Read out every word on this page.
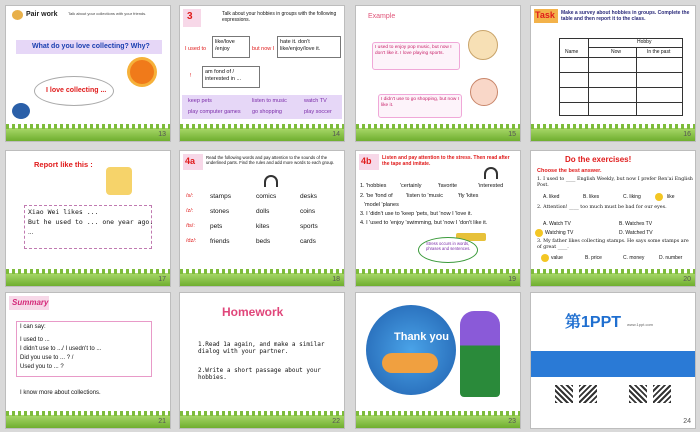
Pair work	Talk about your collections with your friends.
What do you love collecting? Why?
I love collecting ...
13
3	Talk about your hobbies in groups with the following expressions.
I used to
like/love /enjoy	but now I
hate it. don't like/enjoy/love it.
!
am fond of / interested in ...
keep pets	listen to music	watch TV
play computer games go shopping	play soccer
14
Example
I used to enjoy pop music, but now I don't like it. I love playing sports.
I didn't use to go shopping, but now I like it.
15
Task Make a survey about hobbies in groups. Complete the table and then report it to the class.
Name
Hobby
Now	In the past
16
Report like this :
Xiao Wei likes ...
But he used to ... one year ago.
...
17
4a	Read the following words and pay attention to the sounds of the underlined parts. Find the rules and add more words to each group.
/s/:	stamps	comics	desks
/z/:	stones	dolls	coins
/ts/: pets	kites	sports
/dz/: friends	beds	cards
18
4b Listen and pay attention to the stress. Then read after the tape and imitate.
1. 'hobbies 'certainly	'favorite	'interested
2. 'be 'fond of 'listen to 'music	'fly 'kites
'model 'planes
3. I 'didn't use to 'keep 'pets, but 'now I 'love it.
4. I 'used to 'enjoy 'swimming, but 'now I 'don't like it.
Stress occurs in words, phrases and sentences.
19
Do the exercises!
Choose the best answer.
1. I used to ____ English Weekly, but now I prefer Ren'ai English Post.
A. liked	B. likes	C. liking	like
2. Attention! ____ too much must be bad for our eyes.
A. Watch TV	B. Watches TV
Watching TV	D. Watched TV
3. My father likes collecting stamps. He says some stamps are of great ____.
value	B. price	C. money	D. number
20
Summary
I can say:
I used to ...
I didn't use to .../ I usedn't to ...
Did you use to ... ? /
Used you to ... ?
I know more about collections.
21
Homework
1.Read 1a again, and make a similar dialog with your partner.
2.Write a short passage about your hobbies.
22
Thank you
23
第1PPT www.1ppt.com
24
